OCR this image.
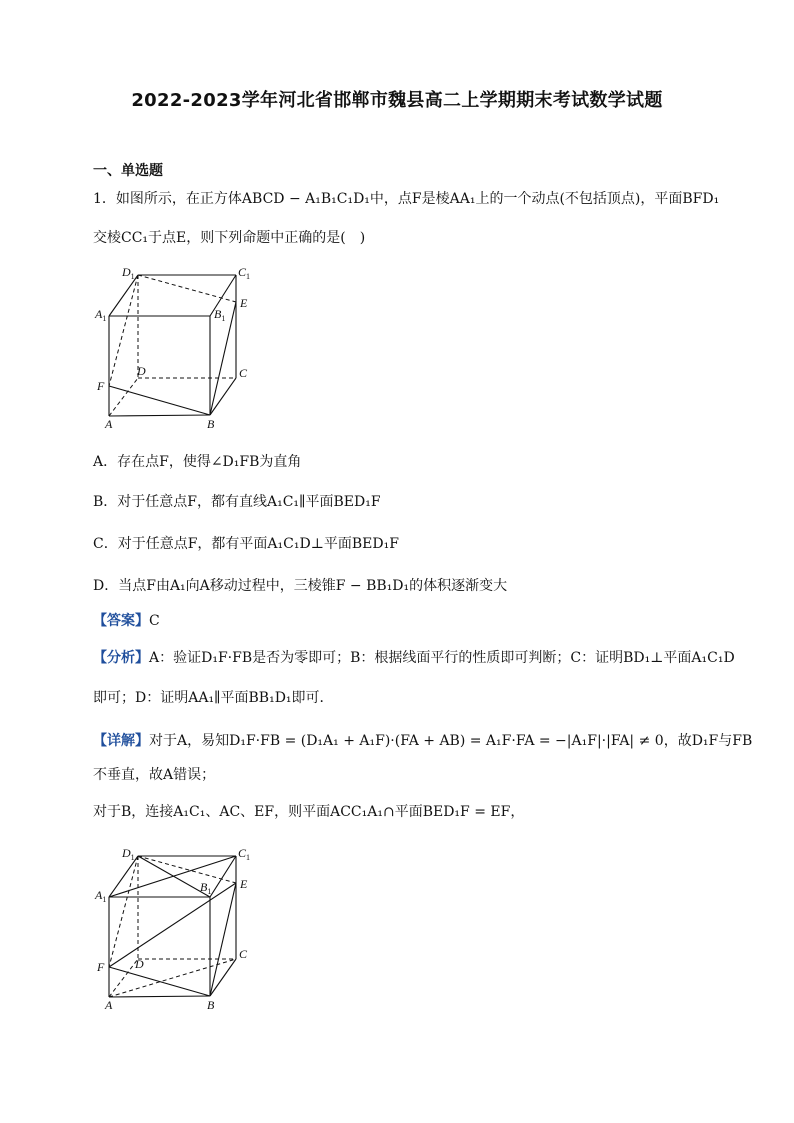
2022-2023学年河北省邯郸市魏县高二上学期期末考试数学试题
一、单选题
1．如图所示，在正方体ABCD − A₁B₁C₁D₁中，点F是棱AA₁上的一个动点(不包括顶点)，平面BFD₁
交棱CC₁于点E，则下列命题中正确的是(　)
$D_1$	$C_1$
$A_1$	$B_1$
E
D	C
F
A	B
A．存在点F，使得∠D₁FB为直角
B．对于任意点F，都有直线A₁C₁∥平面BED₁F
C．对于任意点F，都有平面A₁C₁D⊥平面BED₁F
D．当点F由A₁向A移动过程中，三棱锥F − BB₁D₁的体积逐渐变大
【答案】C
【分析】A：验证D₁F·FB是否为零即可；B：根据线面平行的性质即可判断；C：证明BD₁⊥平面A₁C₁D
即可；D：证明AA₁∥平面BB₁D₁即可．
【详解】对于A，易知D₁F·FB = (D₁A₁ + A₁F)·(FA + AB) = A₁F·FA = −|A₁F|·|FA| ≠ 0，故D₁F与FB
不垂直，故A错误；
对于B，连接A₁C₁、AC、EF，则平面ACC₁A₁∩平面BED₁F = EF，
$D_1$	$C_1$
$A_1$
$B_1$
E
D
C
F
A	B
